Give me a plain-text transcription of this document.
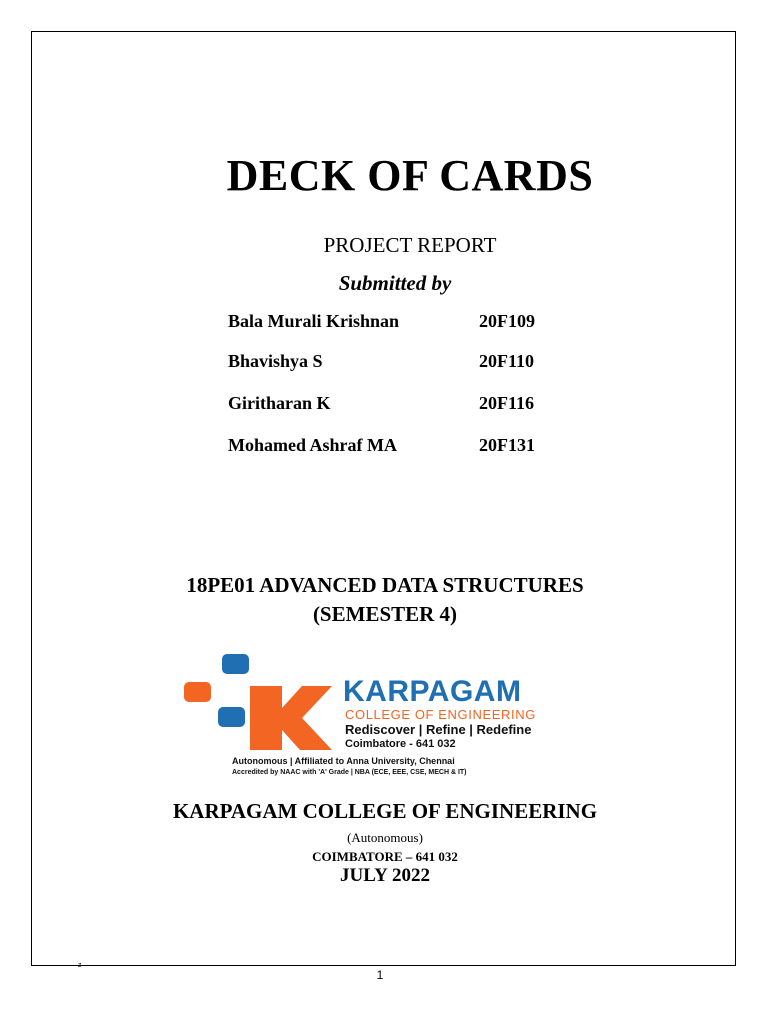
DECK OF CARDS
PROJECT REPORT
Submitted by
Bala Murali Krishnan	20F109
Bhavishya S	20F110
Giritharan K	20F116
Mohamed Ashraf MA	20F131
18PE01 ADVANCED DATA STRUCTURES
(SEMESTER 4)
KARPAGAM
COLLEGE OF ENGINEERING
Rediscover | Refine | Redefine
Coimbatore - 641 032
Autonomous | Affiliated to Anna University, Chennai
Accredited by NAAC with 'A' Grade | NBA (ECE, EEE, CSE, MECH & IT)
KARPAGAM COLLEGE OF ENGINEERING
(Autonomous)
COIMBATORE – 641 032
JULY 2022
z
1
